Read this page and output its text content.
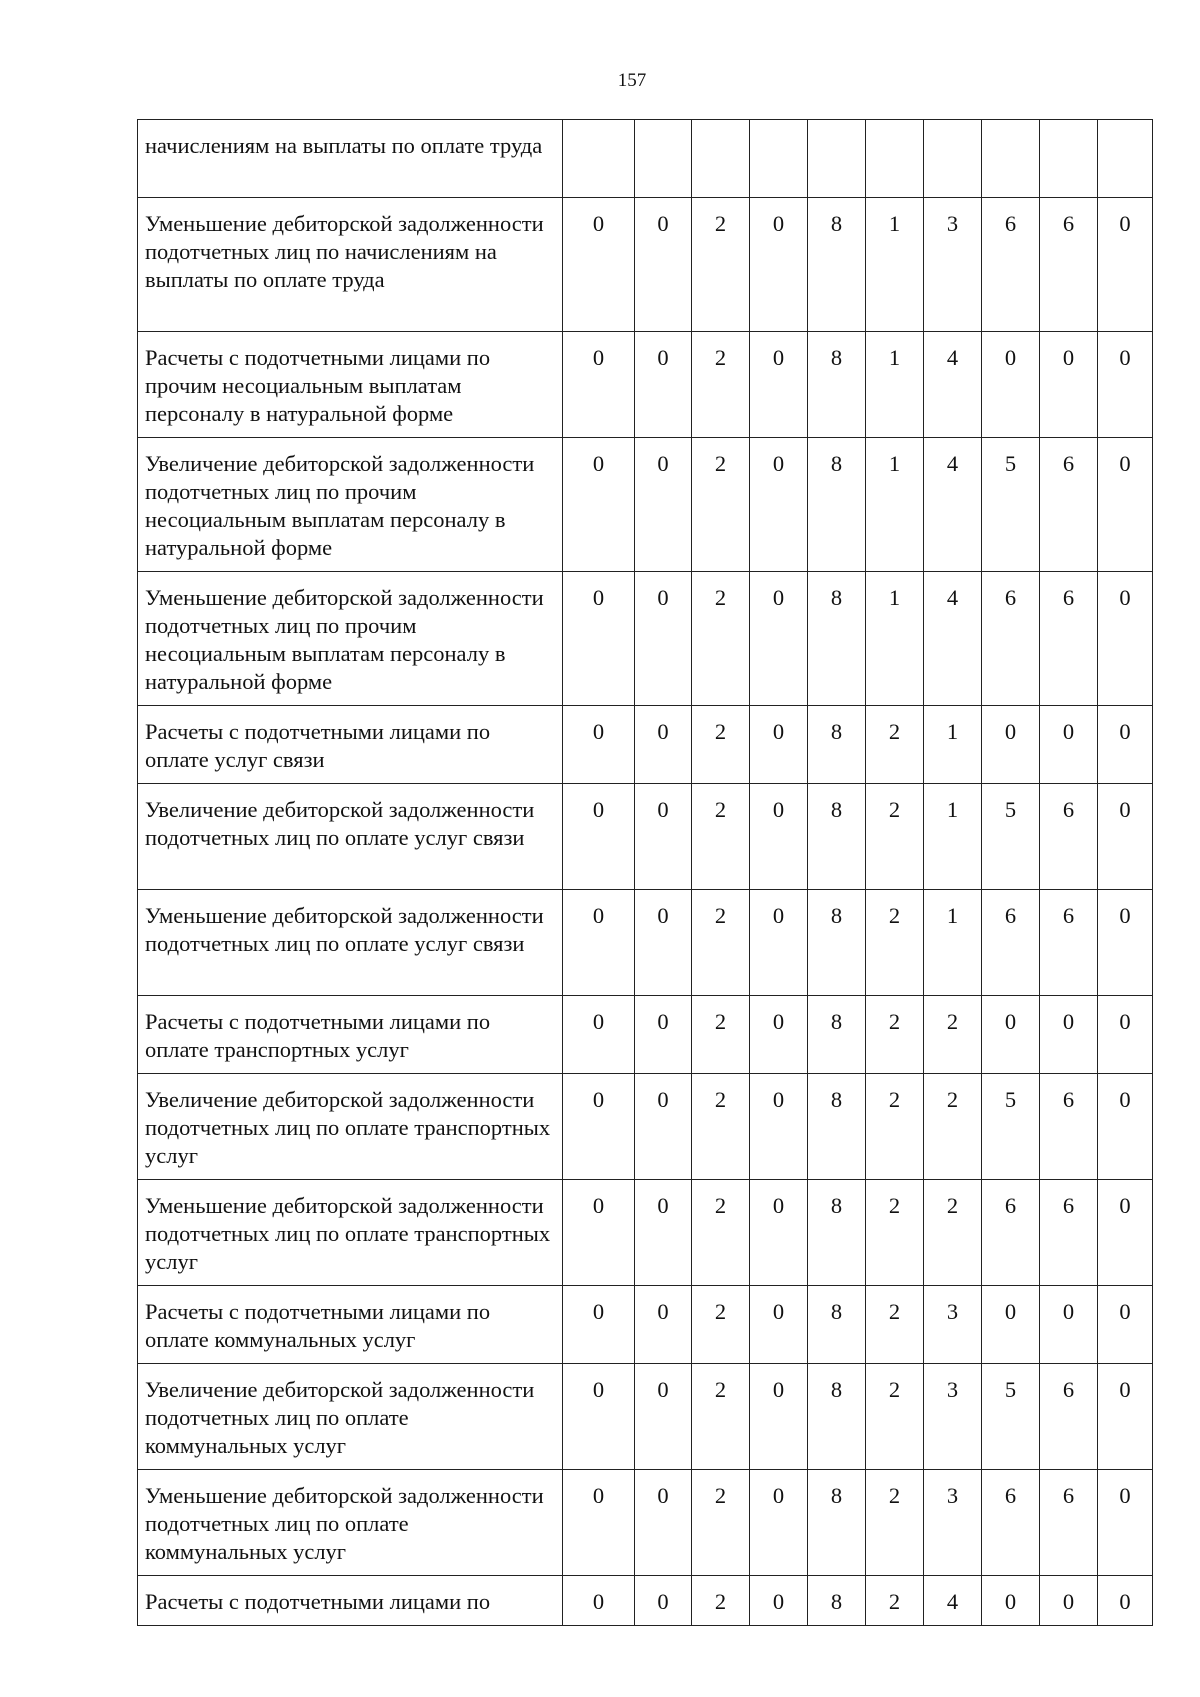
157
начислениям на выплаты по оплате труда										
Уменьшение дебиторской задолженности подотчетных лиц по начислениям на выплаты по оплате труда	0	0	2	0	8	1	3	6	6	0
Расчеты с подотчетными лицами по прочим несоциальным выплатам персоналу в натуральной форме	0	0	2	0	8	1	4	0	0	0
Увеличение дебиторской задолженности подотчетных лиц по прочим несоциальным выплатам персоналу в натуральной форме	0	0	2	0	8	1	4	5	6	0
Уменьшение дебиторской задолженности подотчетных лиц по прочим несоциальным выплатам персоналу в натуральной форме	0	0	2	0	8	1	4	6	6	0
Расчеты с подотчетными лицами по оплате услуг связи	0	0	2	0	8	2	1	0	0	0
Увеличение дебиторской задолженности подотчетных лиц по оплате услуг связи	0	0	2	0	8	2	1	5	6	0
Уменьшение дебиторской задолженности подотчетных лиц по оплате услуг связи	0	0	2	0	8	2	1	6	6	0
Расчеты с подотчетными лицами по оплате транспортных услуг	0	0	2	0	8	2	2	0	0	0
Увеличение дебиторской задолженности подотчетных лиц по оплате транспортных услуг	0	0	2	0	8	2	2	5	6	0
Уменьшение дебиторской задолженности подотчетных лиц по оплате транспортных услуг	0	0	2	0	8	2	2	6	6	0
Расчеты с подотчетными лицами по оплате коммунальных услуг	0	0	2	0	8	2	3	0	0	0
Увеличение дебиторской задолженности подотчетных лиц по оплате коммунальных услуг	0	0	2	0	8	2	3	5	6	0
Уменьшение дебиторской задолженности подотчетных лиц по оплате коммунальных услуг	0	0	2	0	8	2	3	6	6	0
Расчеты с подотчетными лицами по	0	0	2	0	8	2	4	0	0	0
